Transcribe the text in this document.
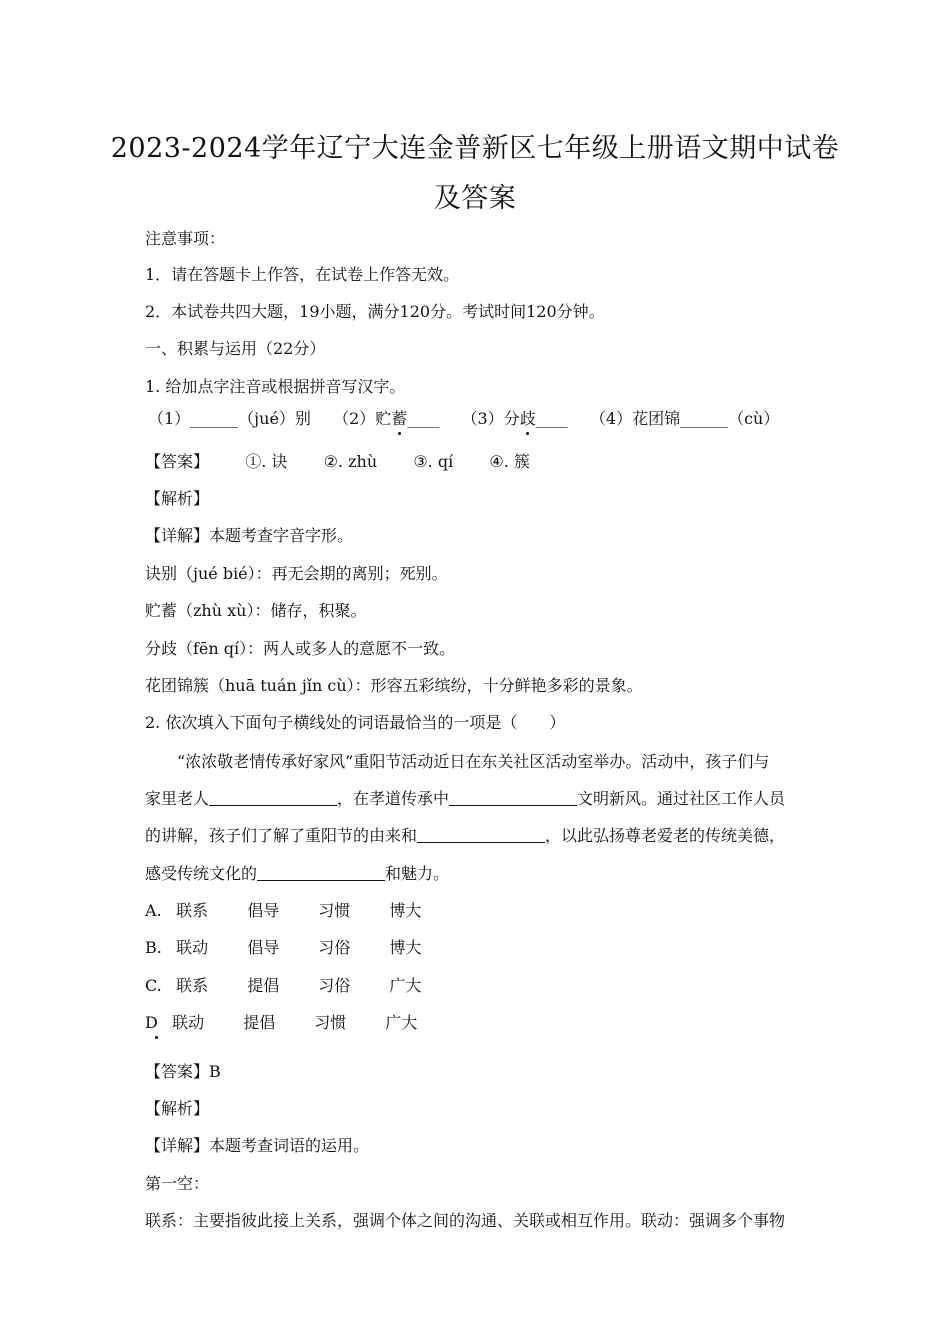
2023-2024学年辽宁大连金普新区七年级上册语文期中试卷
及答案
注意事项：
1．请在答题卡上作答，在试卷上作答无效。
2．本试卷共四大题，19小题，满分120分。考试时间120分钟。
一、积累与运用（22分）
1. 给加点字注音或根据拼音写汉字。
（1）______（jué）别 （2）贮蓄____ （3）分歧____ （4）花团锦______（cù）
【答案】 ①. 诀 ②. zhù ③. qí ④. 簇
【解析】
【详解】本题考查字音字形。
诀别（jué bié）：再无会期的离别；死别。
贮蓄（zhù xù）：储存，积聚。
分歧（fēn qí）：两人或多人的意愿不一致。
花团锦簇（huā tuán jǐn cù）：形容五彩缤纷，十分鲜艳多彩的景象。
2. 依次填入下面句子横线处的词语最恰当的一项是（　　）
“浓浓敬老情传承好家风”重阳节活动近日在东关社区活动室举办。活动中，孩子们与
家里老人	，在孝道传承中	文明新风。通过社区工作人员
的讲解，孩子们了解了重阳节的由来和	，以此弘扬尊老爱老的传统美德，
感受传统文化的	和魅力。
A. 联系 倡导 习惯 博大
B. 联动 倡导 习俗 博大
C. 联系 提倡 习俗 广大
D 联动 提倡 习惯 广大
【答案】B
【解析】
【详解】本题考查词语的运用。
第一空：
联系：主要指彼此接上关系，强调个体之间的沟通、关联或相互作用。联动：强调多个事物
